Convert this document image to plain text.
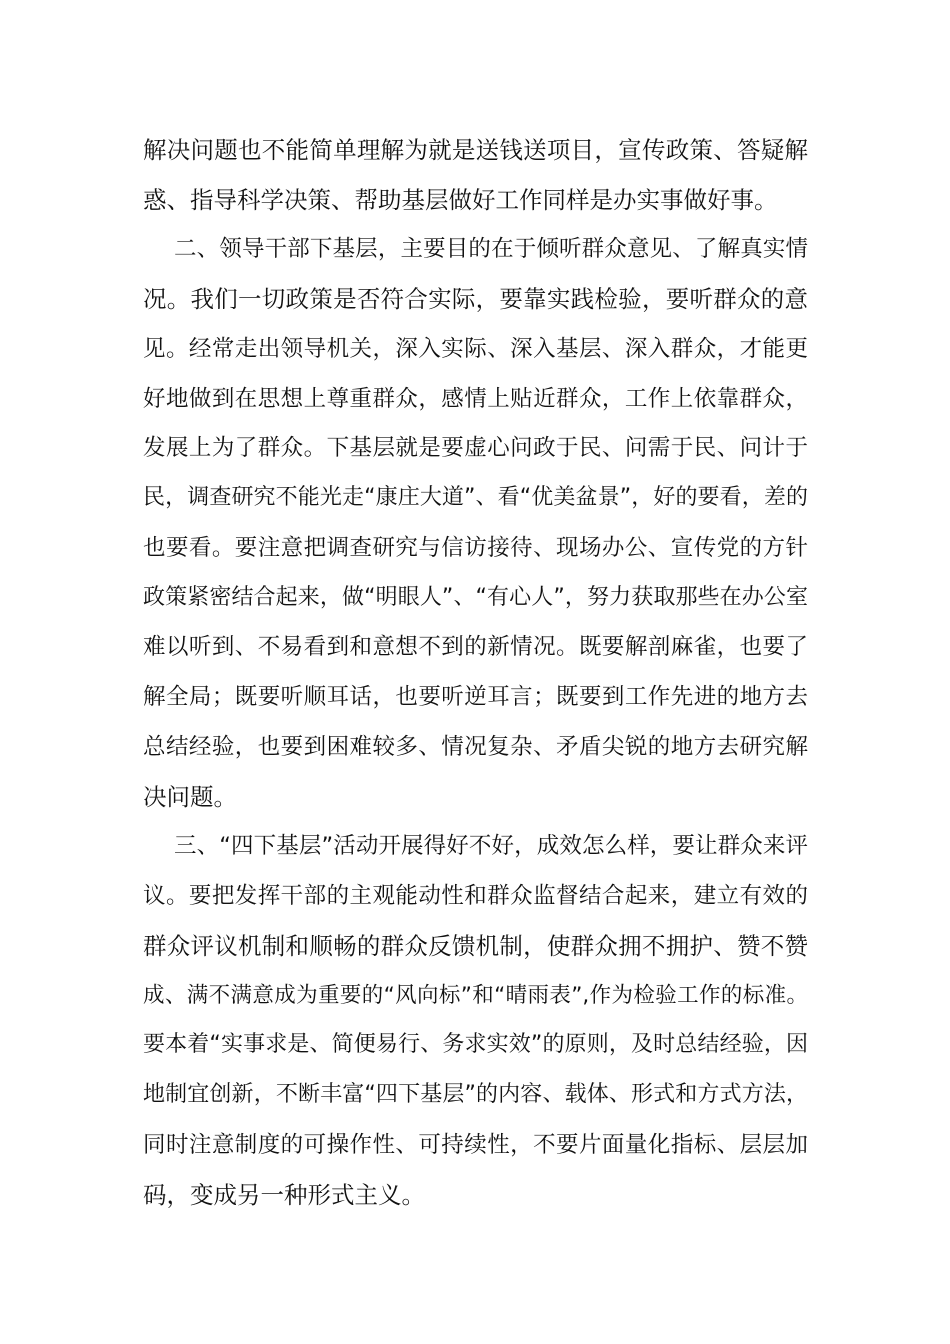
解决问题也不能简单理解为就是送钱送项目，宣传政策、答疑解
惑、指导科学决策、帮助基层做好工作同样是办实事做好事。
二、领导干部下基层，主要目的在于倾听群众意见、了解真实情
况。我们一切政策是否符合实际，要靠实践检验，要听群众的意
见。经常走出领导机关，深入实际、深入基层、深入群众，才能更
好地做到在思想上尊重群众，感情上贴近群众，工作上依靠群众，
发展上为了群众。下基层就是要虚心问政于民、问需于民、问计于
民，调查研究不能光走“康庄大道”、看“优美盆景”，好的要看，差的
也要看。要注意把调查研究与信访接待、现场办公、宣传党的方针
政策紧密结合起来，做“明眼人”、“有心人”，努力获取那些在办公室
难以听到、不易看到和意想不到的新情况。既要解剖麻雀，也要了
解全局；既要听顺耳话，也要听逆耳言；既要到工作先进的地方去
总结经验，也要到困难较多、情况复杂、矛盾尖锐的地方去研究解
决问题。
三、“四下基层”活动开展得好不好，成效怎么样，要让群众来评
议。要把发挥干部的主观能动性和群众监督结合起来，建立有效的
群众评议机制和顺畅的群众反馈机制，使群众拥不拥护、赞不赞
成、满不满意成为重要的“风向标”和“晴雨表”,作为检验工作的标准。
要本着“实事求是、简便易行、务求实效”的原则，及时总结经验，因
地制宜创新，不断丰富“四下基层”的内容、载体、形式和方式方法，
同时注意制度的可操作性、可持续性，不要片面量化指标、层层加
码，变成另一种形式主义。
